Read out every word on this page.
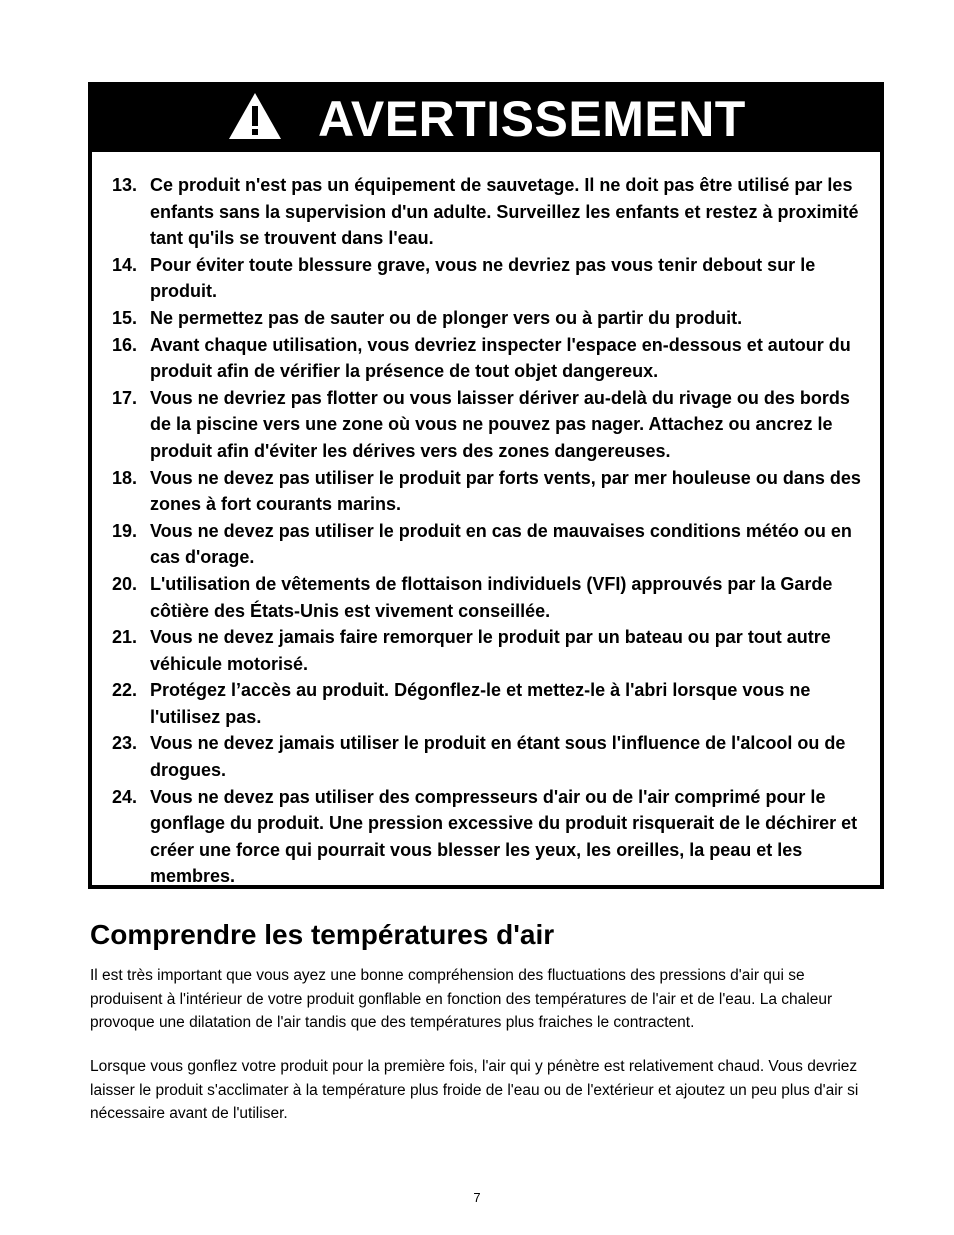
AVERTISSEMENT
13. Ce produit n'est pas un équipement de sauvetage. Il ne doit pas être utilisé par les enfants sans la supervision d'un adulte. Surveillez les enfants et restez à proximité tant qu'ils se trouvent dans l'eau.
14. Pour éviter toute blessure grave, vous ne devriez pas vous tenir debout sur le produit.
15. Ne permettez pas de sauter ou de plonger vers ou à partir du produit.
16. Avant chaque utilisation, vous devriez inspecter l'espace en-dessous et autour du produit afin de vérifier la présence de tout objet dangereux.
17. Vous ne devriez pas flotter ou vous laisser dériver au-delà du rivage ou des bords de la piscine vers une zone où vous ne pouvez pas nager. Attachez ou ancrez le produit afin d'éviter les dérives vers des zones dangereuses.
18. Vous ne devez pas utiliser le produit par forts vents, par mer houleuse ou dans des zones à fort courants marins.
19. Vous ne devez pas utiliser le produit en cas de mauvaises conditions météo ou en cas d'orage.
20. L'utilisation de vêtements de flottaison individuels (VFI) approuvés par la Garde côtière des États-Unis est vivement conseillée.
21. Vous ne devez jamais faire remorquer le produit par un bateau ou par tout autre véhicule motorisé.
22. Protégez l’accès au produit. Dégonflez-le et mettez-le à l'abri lorsque vous ne l'utilisez pas.
23. Vous ne devez jamais utiliser le produit en étant sous l'influence de l'alcool ou de drogues.
24. Vous ne devez pas utiliser des compresseurs d'air ou de l'air comprimé pour le gonflage du produit. Une pression excessive du produit risquerait de le déchirer et créer une force qui pourrait vous blesser les yeux, les oreilles, la peau et les membres.
Comprendre les températures d'air

Il est très important que vous ayez une bonne compréhension des fluctuations des pressions d'air qui se produisent à l'intérieur de votre produit gonflable en fonction des températures de l'air et de l'eau. La chaleur provoque une dilatation de l'air tandis que des températures plus fraiches le contractent.

Lorsque vous gonflez votre produit pour la première fois, l'air qui y pénètre est relativement chaud. Vous devriez laisser le produit s'acclimater à la température plus froide de l'eau ou de l'extérieur et ajoutez un peu plus d'air si nécessaire avant de l'utiliser.

7
